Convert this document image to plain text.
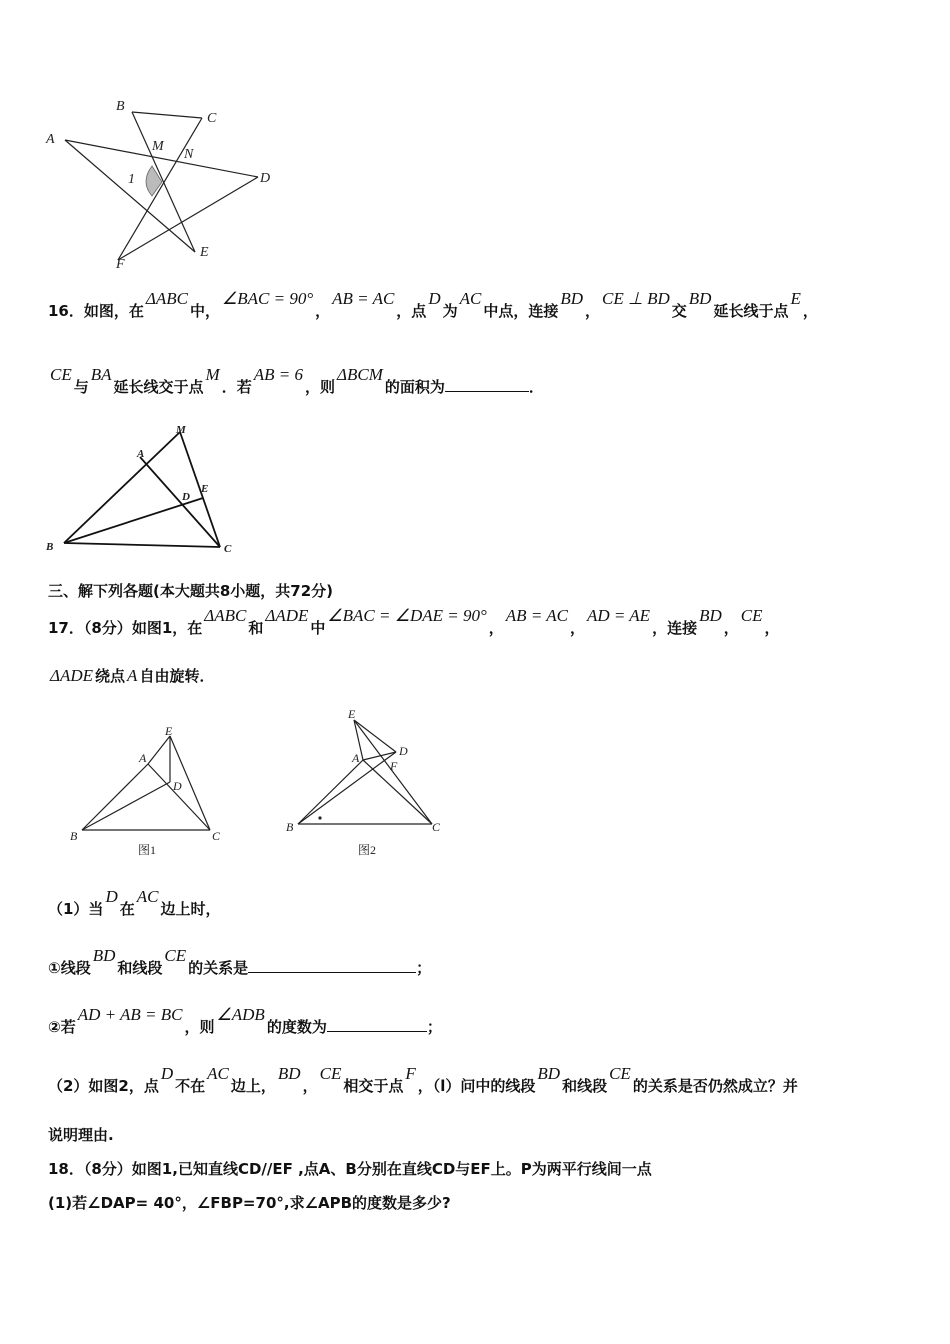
B
C
A	M
N
D
1
F
E
16．如图，在ΔABC中，∠BAC = 90°，AB = AC，点D为AC中点，连接BD，CE ⊥ BD交BD延长线于点E，
CE与BA延长线交于点M．若AB = 6，则ΔBCM的面积为	．
M
A
E
D
B	C
三、解下列各题(本大题共8小题，共72分)
17．（8分）如图1，在ΔABC和ΔADE中∠BAC = ∠DAE = 90°，AB = AC，AD = AE，连接BD，CE，
ΔADE 绕点 A 自由旋转．
E
A
D
B	C
图1
E
A	D
F
B	C
图2
（1）当D在AC边上时，
①线段BD和线段CE的关系是	；
②若AD + AB = BC，则∠ADB的度数为	；
（2）如图2，点D不在AC边上，BD，CE相交于点F，（l）问中的线段BD和线段CE的关系是否仍然成立？并
说明理由.
18．（8分）如图1,已知直线CD//EF ,点A、B分别在直线CD与EF上。P为两平行线间一点
(1)若∠DAP= 40°，∠FBP=70°,求∠APB的度数是多少?
